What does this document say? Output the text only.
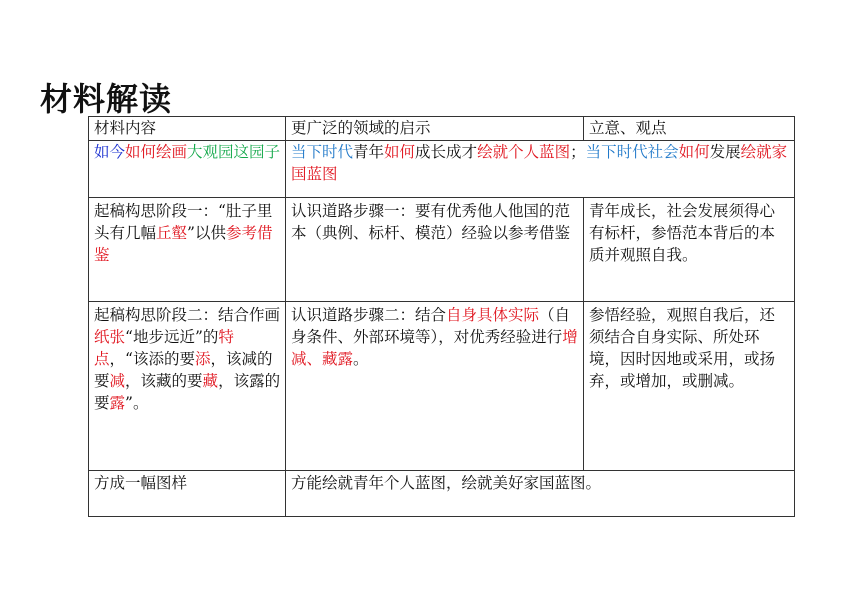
材料解读
材料内容	更广泛的领域的启示	立意、观点
如今如何绘画大观园这园子	当下时代青年如何成长成才绘就个人蓝图；当下时代社会如何发展绘就家国蓝图	
起稿构思阶段一：“肚子里头有几幅丘壑”以供参考借鉴	认识道路步骤一：要有优秀他人他国的范本（典例、标杆、模范）经验以参考借鉴	青年成长，社会发展须得心有标杆，参悟范本背后的本质并观照自我。
起稿构思阶段二：结合作画纸张“地步远近”的特点，“该添的要添，该减的要减，该藏的要藏，该露的要露”。	认识道路步骤二：结合自身具体实际（自身条件、外部环境等），对优秀经验进行增减、藏露。	参悟经验，观照自我后，还须结合自身实际、所处环境，因时因地或采用，或扬弃，或增加，或删减。
方成一幅图样	方能绘就青年个人蓝图，绘就美好家国蓝图。	
